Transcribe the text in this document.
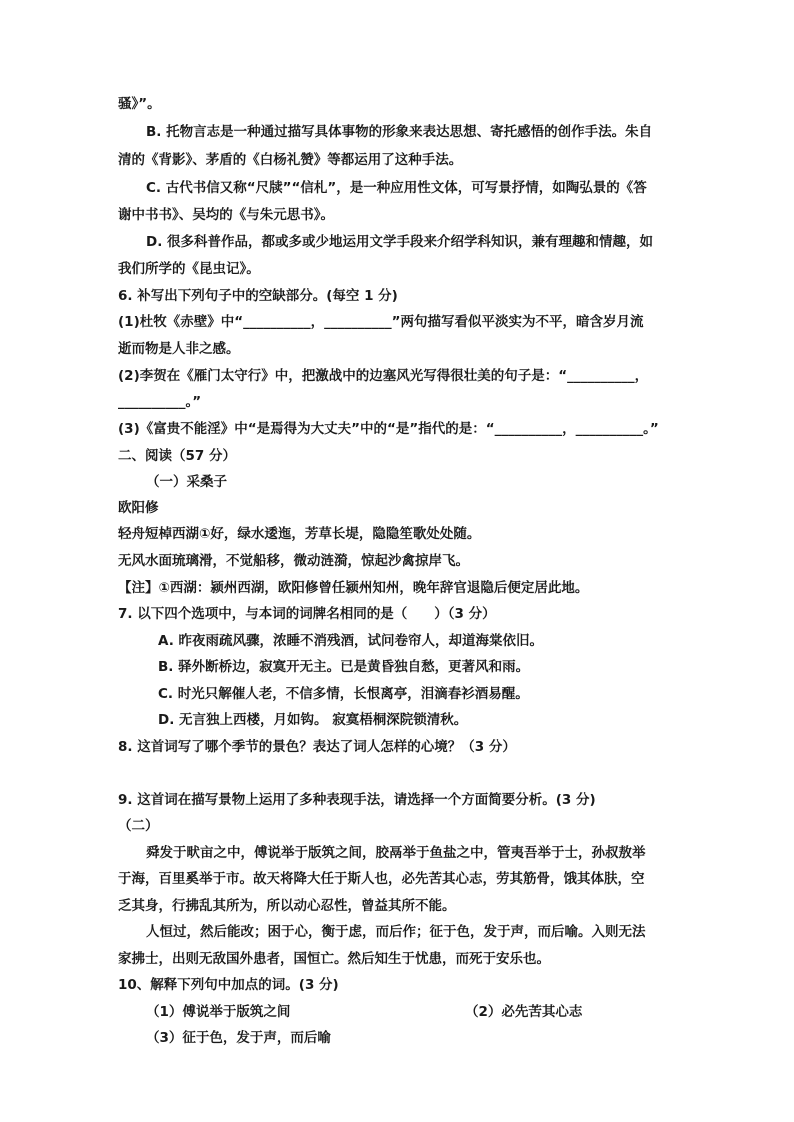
骚》”。
B. 托物言志是一种通过描写具体事物的形象来表达思想、寄托感悟的创作手法。朱自
清的《背影》、茅盾的《白杨礼赞》等都运用了这种手法。
C. 古代书信又称“尺牍”“信札”，是一种应用性文体，可写景抒情，如陶弘景的《答
谢中书书》、吴均的《与朱元思书》。
D. 很多科普作品，都或多或少地运用文学手段来介绍学科知识，兼有理趣和情趣，如
我们所学的《昆虫记》。
6. 补写出下列句子中的空缺部分。(每空 1 分)
(1)杜牧《赤壁》中“__________，__________”两句描写看似平淡实为不平，暗含岁月流
逝而物是人非之感。
(2)李贺在《雁门太守行》中，把激战中的边塞风光写得很壮美的句子是：“__________，
__________。”
(3)《富贵不能淫》中“是焉得为大丈夫”中的“是”指代的是：“__________，__________。”
二、阅读（57 分）
（一）采桑子
欧阳修
轻舟短棹西湖①好，绿水逶迤，芳草长堤，隐隐笙歌处处随。
无风水面琉璃滑，不觉船移，微动涟漪，惊起沙禽掠岸飞。
【注】①西湖：颍州西湖，欧阳修曾任颍州知州，晚年辞官退隐后便定居此地。
7. 以下四个选项中，与本词的词牌名相同的是（　　）（3 分）
A. 昨夜雨疏风骤，浓睡不消残酒，试问卷帘人，却道海棠依旧。
B. 驿外断桥边，寂寞开无主。已是黄昏独自愁，更著风和雨。
C. 时光只解催人老，不信多情，长恨离亭，泪滴春衫酒易醒。
D. 无言独上西楼，月如钩。 寂寞梧桐深院锁清秋。
8. 这首词写了哪个季节的景色？表达了词人怎样的心境？（3 分）
9. 这首词在描写景物上运用了多种表现手法，请选择一个方面简要分析。(3 分)
（二）
舜发于畎亩之中，傅说举于版筑之间，胶鬲举于鱼盐之中，管夷吾举于士，孙叔敖举
于海，百里奚举于市。故天将降大任于斯人也，必先苦其心志，劳其筋骨，饿其体肤，空
乏其身，行拂乱其所为，所以动心忍性，曾益其所不能。
人恒过，然后能改；困于心，衡于虑，而后作；征于色，发于声，而后喻。入则无法
家拂士，出则无敌国外患者，国恒亡。然后知生于忧患，而死于安乐也。
10、解释下列句中加点的词。(3 分)
（1）傅说举于版筑之间	（2）必先苦其心志
（3）征于色，发于声，而后喻
